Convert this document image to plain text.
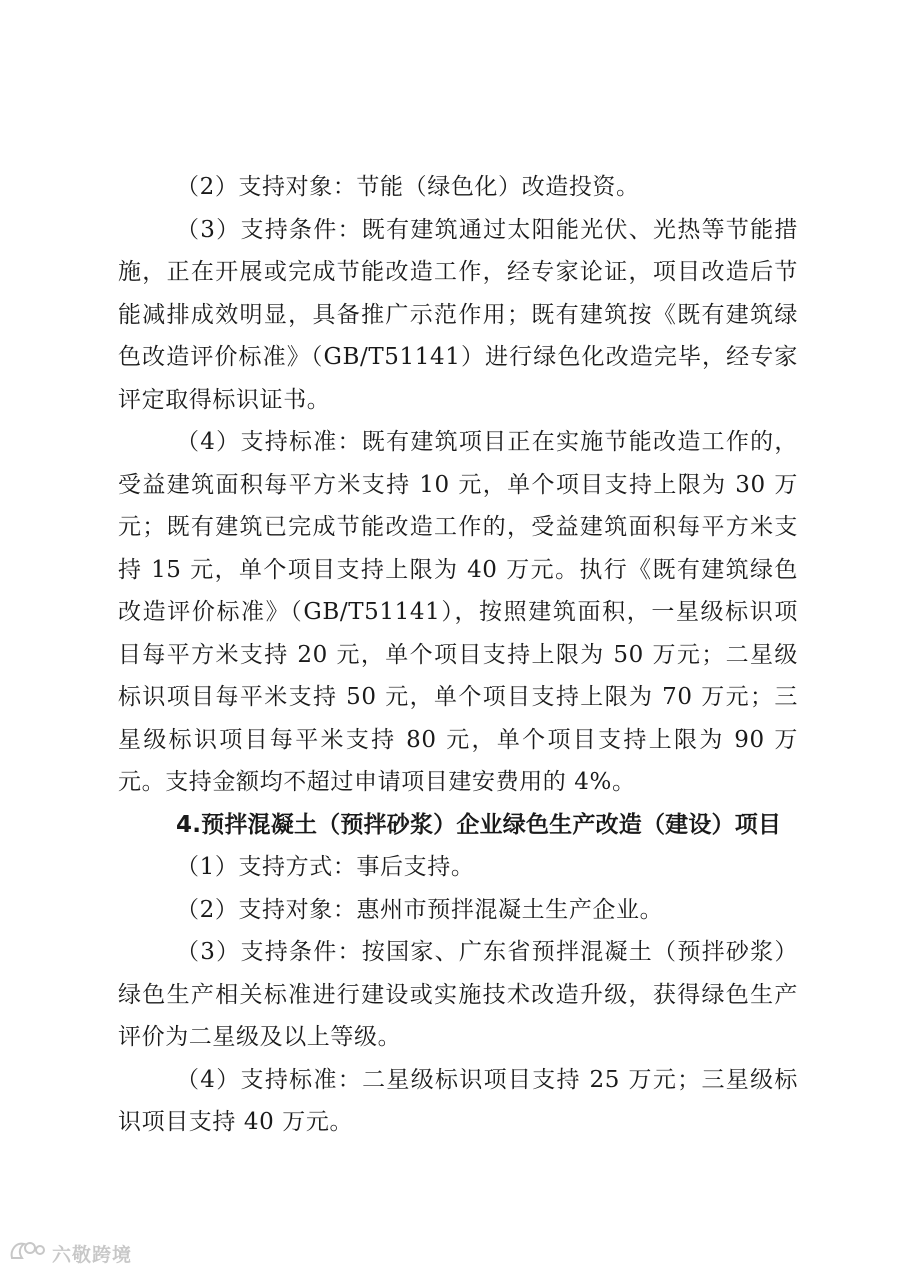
（2）支持对象：节能（绿色化）改造投资。

（3）支持条件：既有建筑通过太阳能光伏、光热等节能措施，正在开展或完成节能改造工作，经专家论证，项目改造后节能减排成效明显，具备推广示范作用；既有建筑按《既有建筑绿色改造评价标准》（GB/T51141）进行绿色化改造完毕，经专家评定取得标识证书。

（4）支持标准：既有建筑项目正在实施节能改造工作的，受益建筑面积每平方米支持 10 元，单个项目支持上限为 30 万元；既有建筑已完成节能改造工作的，受益建筑面积每平方米支持 15 元，单个项目支持上限为 40 万元。执行《既有建筑绿色改造评价标准》（GB/T51141），按照建筑面积，一星级标识项目每平方米支持 20 元，单个项目支持上限为 50 万元；二星级标识项目每平米支持 50 元，单个项目支持上限为 70 万元；三星级标识项目每平米支持 80 元，单个项目支持上限为 90 万元。支持金额均不超过申请项目建安费用的 4%。

4.预拌混凝土（预拌砂浆）企业绿色生产改造（建设）项目

（1）支持方式：事后支持。

（2）支持对象：惠州市预拌混凝土生产企业。

（3）支持条件：按国家、广东省预拌混凝土（预拌砂浆）绿色生产相关标准进行建设或实施技术改造升级，获得绿色生产评价为二星级及以上等级。

（4）支持标准：二星级标识项目支持 25 万元；三星级标识项目支持 40 万元。

六敬跨境
